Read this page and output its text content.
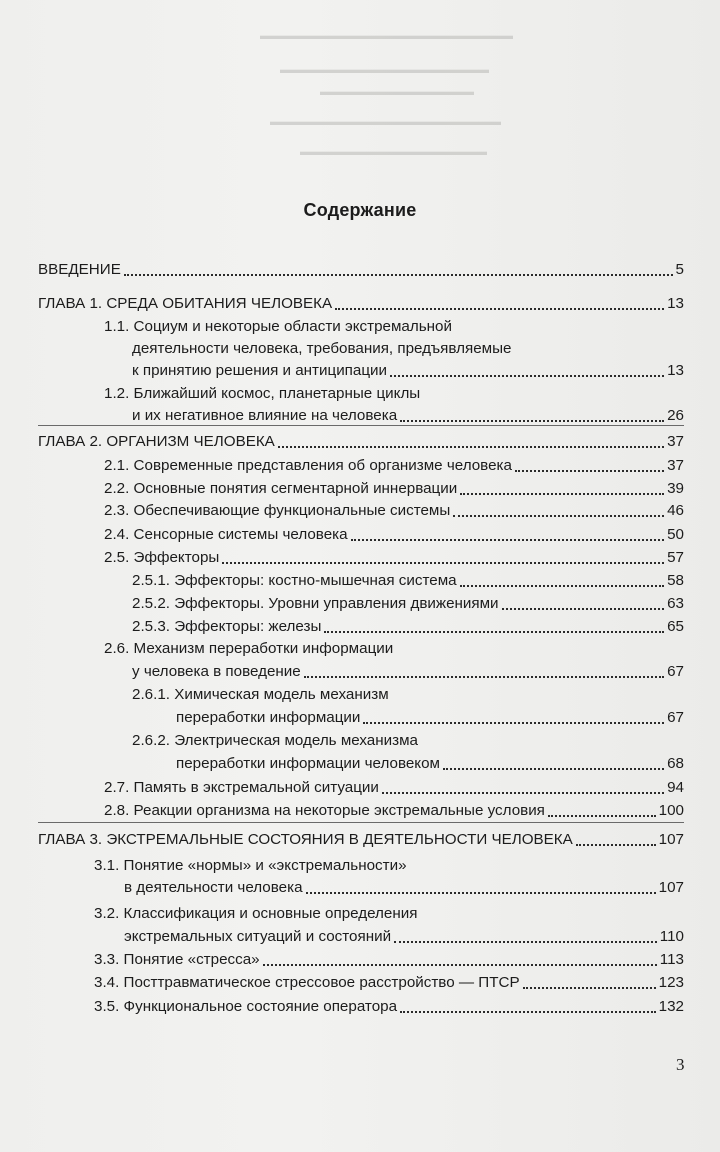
▬▬▬▬▬▬▬▬▬▬▬▬▬▬▬▬▬▬▬▬▬▬▬
▬▬▬▬▬▬▬▬▬▬▬▬▬▬▬▬▬▬▬
▬▬▬▬▬▬▬▬▬▬▬▬▬▬
▬▬▬▬▬▬▬▬▬▬▬▬▬▬▬▬▬▬▬▬▬
▬▬▬▬▬▬▬▬▬▬▬▬▬▬▬▬▬
Содержание
ВВЕДЕНИЕ	5
ГЛАВА 1. СРЕДА ОБИТАНИЯ ЧЕЛОВЕКА	13
1.1. Социум и некоторые области экстремальной
деятельности человека, требования, предъявляемые
к принятию решения и антиципации	13
1.2. Ближайший космос, планетарные циклы
и их негативное влияние на человека	26
ГЛАВА 2. ОРГАНИЗМ ЧЕЛОВЕКА	37
2.1. Современные представления об организме человека	37
2.2. Основные понятия сегментарной иннервации	39
2.3. Обеспечивающие функциональные системы	46
2.4. Сенсорные системы человека	50
2.5. Эффекторы	57
2.5.1. Эффекторы: костно-мышечная система	58
2.5.2. Эффекторы. Уровни управления движениями	63
2.5.3. Эффекторы: железы	65
2.6. Механизм переработки информации
у человека в поведение	67
2.6.1. Химическая модель механизм
переработки информации	67
2.6.2. Электрическая модель механизма
переработки информации человеком	68
2.7. Память в экстремальной ситуации	94
2.8. Реакции организма на некоторые экстремальные условия	100
ГЛАВА 3. ЭКСТРЕМАЛЬНЫЕ СОСТОЯНИЯ В ДЕЯТЕЛЬНОСТИ ЧЕЛОВЕКА	107
3.1. Понятие «нормы» и «экстремальности»
в деятельности человека	107
3.2. Классификация и основные определения
экстремальных ситуаций и состояний	110
3.3. Понятие «стресса»	113
3.4. Посттравматическое стрессовое расстройство — ПТСР	123
3.5. Функциональное состояние оператора	132
3
